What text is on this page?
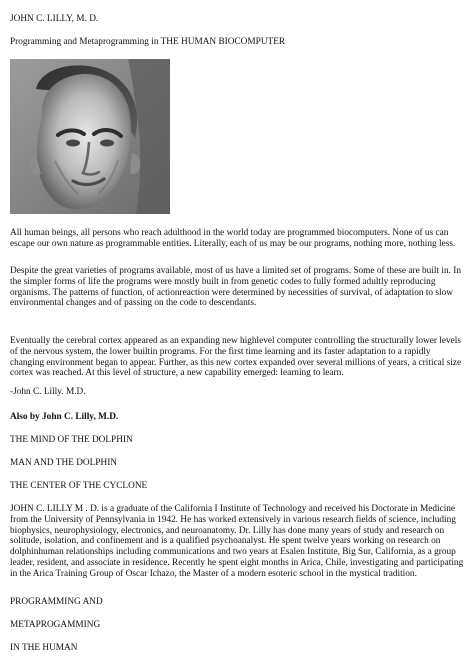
JOHN C. LILLY, M. D.
Programming and Metaprogramming in THE HUMAN BIOCOMPUTER
All human beings, all persons who reach adulthood in the world today are programmed biocomputers. None of us can escape our own nature as programmable entities. Literally, each of us may be our programs, nothing more, nothing less.
Despite the great varieties of programs available, most of us have a limited set of programs. Some of these are built in. In the simpler forms of life the programs were mostly built in from genetic codes to fully formed adultly reproducing organisms. The patterns of function, of actionreaction were determined by necessities of survival, of adaptation to slow environmental changes and of passing on the code to descendants.
Eventually the cerebral cortex appeared as an expanding new highlevel computer controlling the structurally lower levels of the nervous system, the lower builtin programs. For the first time learning and its faster adaptation to a rapidly changing environment began to appear. Further, as this new cortex expanded over several millions of years, a critical size cortex was reached. At this level of structure, a new capability emerged: learning to learn.
-John C. Lilly. M.D.
Also by John C. Lilly, M.D.
THE MIND OF THE DOLPHIN
MAN AND THE DOLPHIN
THE CENTER OF THE CYCLONE
JOHN C. LILLY M . D. is a graduate of the California I Institute of Technology and received his Doctorate in Medicine from the University of Pennsylvania in 1942. He has worked extensively in various research fields of science, including biophysics, neurophysiology, electronics, and neuroanatomy. Dr. Lilly has done many years of study and research on solitude, isolation, and confinement and is a qualified psychoanalyst. He spent twelve years working on research on dolphinhuman relationships including communications and two years at Esalen Institute, Big Sur, California, as a group leader, resident, and associate in residence. Recently he spent eight months in Arica, Chile, investigating and participating in the Arica Training Group of Oscar Ichazo, the Master of a modern esoteric school in the mystical tradition.
PROGRAMMING AND
METAPROGAMMING
IN THE HUMAN
